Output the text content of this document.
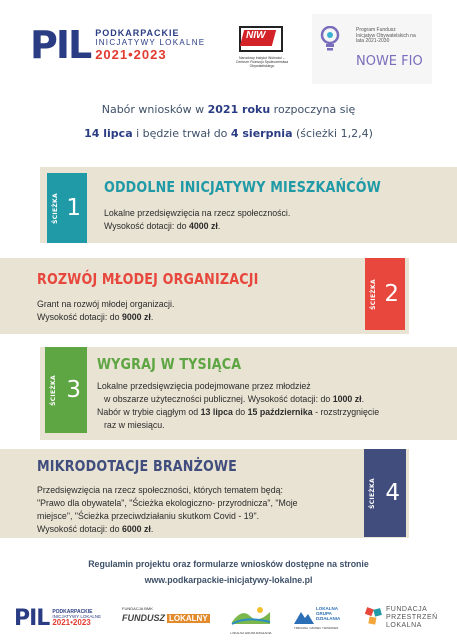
PIL PODKARPACKIE
INICJATYWY LOKALNE
2021•2023
NIW
Narodowy Instytut Wolności – Centrum Rozwoju Społeczeństwa Obywatelskiego
Program Fundusz Inicjatyw Obywatelskich na lata 2021-2030
NOWE FIO
Nabór wniosków w 2021 roku rozpoczyna się
14 lipca i będzie trwał do 4 sierpnia (ścieżki 1,2,4)
ŚCIEŻKA 1
ODDOLNE INICJATYWY MIESZKAŃCÓW
Lokalne przedsięwzięcia na rzecz społeczności.
Wysokość dotacji: do 4000 zł.
ŚCIEŻKA 2
ROZWÓJ MŁODEJ ORGANIZACJI
Grant na rozwój młodej organizacji.
Wysokość dotacji: do 9000 zł.
ŚCIEŻKA 3
WYGRAJ W TYSIĄCA
Lokalne przedsięwzięcia podejmowane przez młodzież
w obszarze użyteczności publicznej. Wysokość dotacji: do 1000 zł.
Nabór w trybie ciągłym od 13 lipca do 15 października - rozstrzygnięcie
raz w miesiącu.
ŚCIEŻKA 4
MIKRODOTACJE BRANŻOWE
Przedsięwzięcia na rzecz społeczności, których tematem będą:
"Prawo dla obywatela", "Ścieżka ekologiczno- przyrodnicza", "Moje
miejsce", "Ścieżka przeciwdziałaniu skutkom Covid - 19".
Wysokość dotacji: do 6000 zł.
Regulamin projektu oraz formularze wniosków dostępne na stronie
www.podkarpackie-inicjatywy-lokalne.pl
PIL PODKARPACKIE
INICJATYWY LOKALNE
2021•2023
FUNDACJA BMK
FUNDUSZ LOKALNY
LOKALNA GRUPA DZIAŁANIA
LOKALNA
GRUPA
DZIAŁANIA
TRZCIANA, CZUDEC I WIŚNIOWA
FUNDACJA
PRZESTRZEŃ
LOKALNA
